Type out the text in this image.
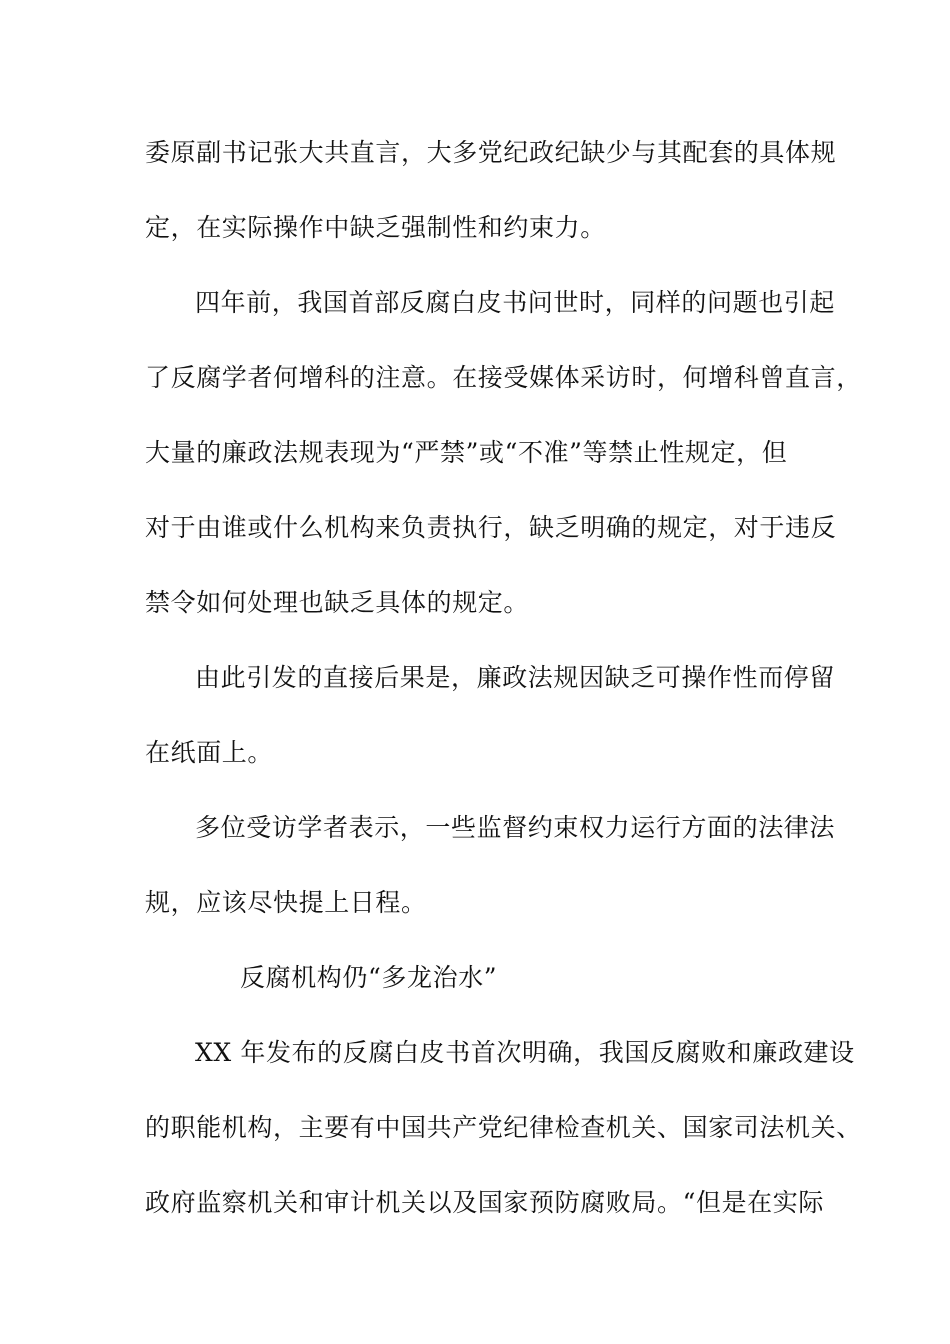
委原副书记张大共直言，大多党纪政纪缺少与其配套的具体规
定，在实际操作中缺乏强制性和约束力。
四年前，我国首部反腐白皮书问世时，同样的问题也引起
了反腐学者何增科的注意。在接受媒体采访时，何增科曾直言，
大量的廉政法规表现为“严禁”或“不准”等禁止性规定，但
对于由谁或什么机构来负责执行，缺乏明确的规定，对于违反
禁令如何处理也缺乏具体的规定。
由此引发的直接后果是，廉政法规因缺乏可操作性而停留
在纸面上。
多位受访学者表示，一些监督约束权力运行方面的法律法
规，应该尽快提上日程。
反腐机构仍“多龙治水”
XX 年发布的反腐白皮书首次明确，我国反腐败和廉政建设
的职能机构，主要有中国共产党纪律检查机关、国家司法机关、
政府监察机关和审计机关以及国家预防腐败局。“但是在实际
